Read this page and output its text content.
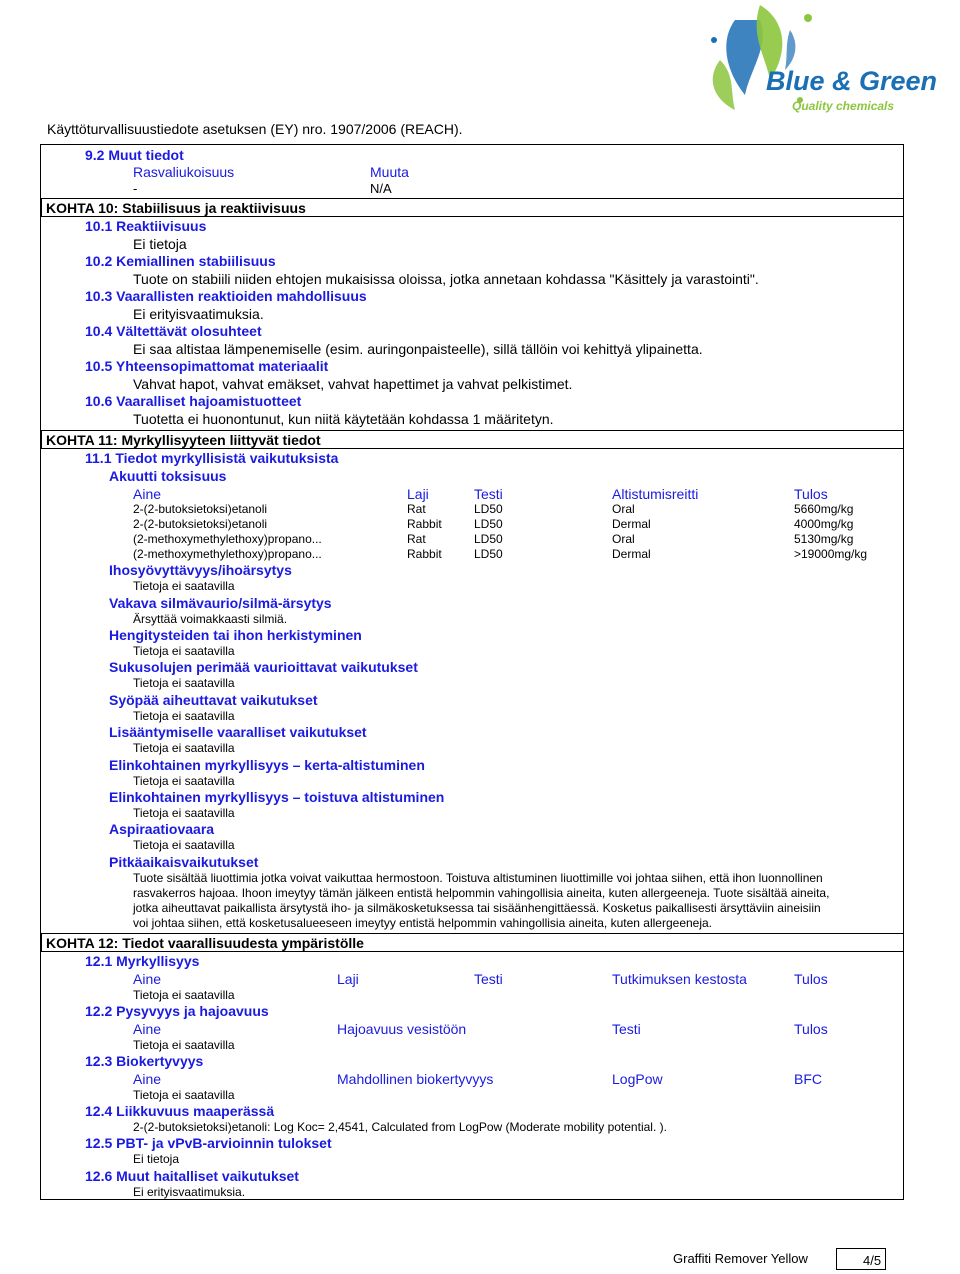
Blue & Green
Quality chemicals
Käyttöturvallisuustiedote asetuksen (EY) nro. 1907/2006 (REACH).
9.2 Muut tiedot
Rasvaliukoisuus	Muuta
-	N/A
KOHTA 10: Stabiilisuus ja reaktiivisuus
10.1 Reaktiivisuus
Ei tietoja
10.2 Kemiallinen stabiilisuus
Tuote on stabiili niiden ehtojen mukaisissa oloissa, jotka annetaan kohdassa "Käsittely ja varastointi".
10.3 Vaarallisten reaktioiden mahdollisuus
Ei erityisvaatimuksia.
10.4 Vältettävät olosuhteet
Ei saa altistaa lämpenemiselle (esim. auringonpaisteelle), sillä tällöin voi kehittyä ylipainetta.
10.5 Yhteensopimattomat materiaalit
Vahvat hapot, vahvat emäkset, vahvat hapettimet ja vahvat pelkistimet.
10.6 Vaaralliset hajoamistuotteet
Tuotetta ei huonontunut, kun niitä käytetään kohdassa 1 määritetyn.
KOHTA 11: Myrkyllisyyteen liittyvät tiedot
11.1 Tiedot myrkyllisistä vaikutuksista
Akuutti toksisuus
Aine	Laji	Testi	Altistumisreitti	Tulos
2-(2-butoksietoksi)etanoli	Rat	LD50	Oral	5660mg/kg
2-(2-butoksietoksi)etanoli	Rabbit	LD50	Dermal	4000mg/kg
(2-methoxymethylethoxy)propano...	Rat	LD50	Oral	5130mg/kg
(2-methoxymethylethoxy)propano...	Rabbit	LD50	Dermal	>19000mg/kg
Ihosyövyttävyys/ihoärsytys
Tietoja ei saatavilla
Vakava silmävaurio/silmä-ärsytys
Ärsyttää voimakkaasti silmiä.
Hengitysteiden tai ihon herkistyminen
Tietoja ei saatavilla
Sukusolujen perimää vaurioittavat vaikutukset
Tietoja ei saatavilla
Syöpää aiheuttavat vaikutukset
Tietoja ei saatavilla
Lisääntymiselle vaaralliset vaikutukset
Tietoja ei saatavilla
Elinkohtainen myrkyllisyys – kerta-altistuminen
Tietoja ei saatavilla
Elinkohtainen myrkyllisyys – toistuva altistuminen
Tietoja ei saatavilla
Aspiraatiovaara
Tietoja ei saatavilla
Pitkäaikaisvaikutukset
Tuote sisältää liuottimia jotka voivat vaikuttaa hermostoon. Toistuva altistuminen liuottimille voi johtaa siihen, että ihon luonnollinen
rasvakerros hajoaa. Ihoon imeytyy tämän jälkeen entistä helpommin vahingollisia aineita, kuten allergeeneja. Tuote sisältää aineita,
jotka aiheuttavat paikallista ärsytystä iho- ja silmäkosketuksessa tai sisäänhengittäessä. Kosketus paikallisesti ärsyttäviin aineisiin
voi johtaa siihen, että kosketusalueeseen imeytyy entistä helpommin vahingollisia aineita, kuten allergeeneja.
KOHTA 12: Tiedot vaarallisuudesta ympäristölle
12.1 Myrkyllisyys
Aine	Laji	Testi	Tutkimuksen kestosta	Tulos
Tietoja ei saatavilla
12.2 Pysyvyys ja hajoavuus
Aine	Hajoavuus vesistöön	Testi	Tulos
Tietoja ei saatavilla
12.3 Biokertyvyys
Aine	Mahdollinen biokertyvyys	LogPow	BFC
Tietoja ei saatavilla
12.4 Liikkuvuus maaperässä
2-(2-butoksietoksi)etanoli: Log Koc= 2,4541, Calculated from LogPow (Moderate mobility potential. ).
12.5 PBT- ja vPvB-arvioinnin tulokset
Ei tietoja
12.6 Muut haitalliset vaikutukset
Ei erityisvaatimuksia.
Graffiti Remover Yellow	4/5
